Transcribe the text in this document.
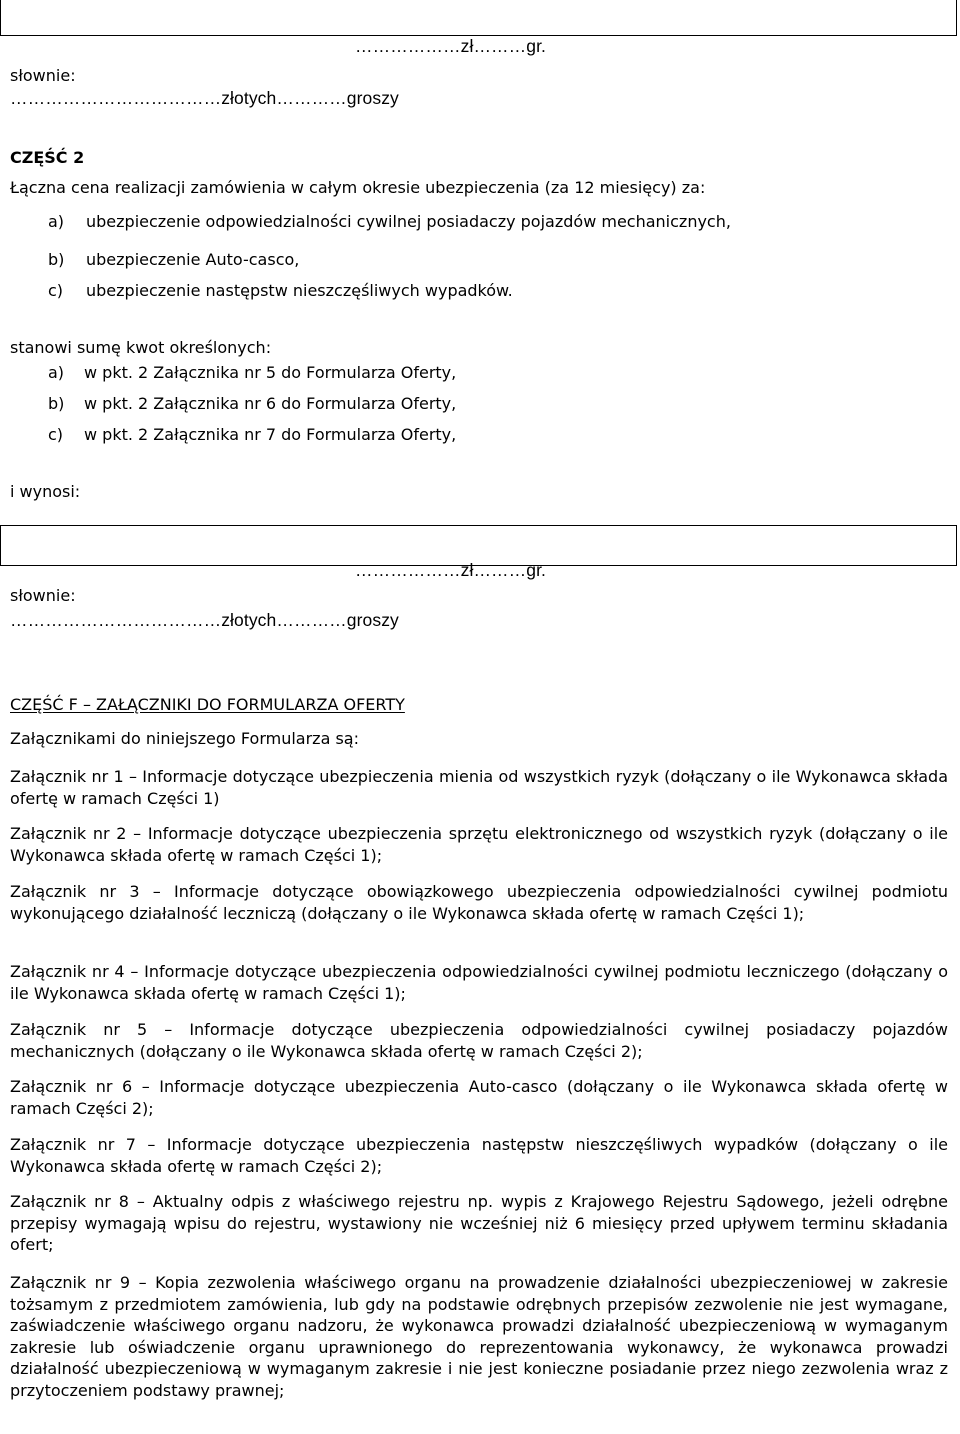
………………zł………gr.
słownie:
………………………………złotych…………groszy
CZĘŚĆ 2
Łączna cena realizacji zamówienia w całym okresie ubezpieczenia (za 12 miesięcy) za:
a) ubezpieczenie odpowiedzialności cywilnej posiadaczy pojazdów mechanicznych,
b) ubezpieczenie Auto-casco,
c) ubezpieczenie następstw nieszczęśliwych wypadków.
stanowi sumę kwot określonych:
a) w pkt. 2 Załącznika nr 5 do Formularza Oferty,
b) w pkt. 2 Załącznika nr 6 do Formularza Oferty,
c) w pkt. 2 Załącznika nr 7 do Formularza Oferty,
i wynosi:
………………zł………gr.
słownie:
………………………………złotych…………groszy
CZĘŚĆ F – ZAŁĄCZNIKI DO FORMULARZA OFERTY
Załącznikami do niniejszego Formularza są:
Załącznik nr 1 – Informacje dotyczące ubezpieczenia mienia od wszystkich ryzyk (dołączany o ile Wykonawca składa ofertę w ramach Części 1)
Załącznik nr 2 – Informacje dotyczące ubezpieczenia sprzętu elektronicznego od wszystkich ryzyk (dołączany o ile Wykonawca składa ofertę w ramach Części 1);
Załącznik nr 3 – Informacje dotyczące obowiązkowego ubezpieczenia odpowiedzialności cywilnej podmiotu wykonującego działalność leczniczą (dołączany o ile Wykonawca składa ofertę w ramach Części 1);
Załącznik nr 4 – Informacje dotyczące ubezpieczenia odpowiedzialności cywilnej podmiotu leczniczego (dołączany o ile Wykonawca składa ofertę w ramach Części 1);
Załącznik nr 5 – Informacje dotyczące ubezpieczenia odpowiedzialności cywilnej posiadaczy pojazdów mechanicznych (dołączany o ile Wykonawca składa ofertę w ramach Części 2);
Załącznik nr 6 – Informacje dotyczące ubezpieczenia Auto-casco (dołączany o ile Wykonawca składa ofertę w ramach Części 2);
Załącznik nr 7 – Informacje dotyczące ubezpieczenia następstw nieszczęśliwych wypadków (dołączany o ile Wykonawca składa ofertę w ramach Części 2);
Załącznik nr 8 – Aktualny odpis z właściwego rejestru np. wypis z Krajowego Rejestru Sądowego, jeżeli odrębne przepisy wymagają wpisu do rejestru, wystawiony nie wcześniej niż 6 miesięcy przed upływem terminu składania ofert;
Załącznik nr 9 – Kopia zezwolenia właściwego organu na prowadzenie działalności ubezpieczeniowej w zakresie tożsamym z przedmiotem zamówienia, lub gdy na podstawie odrębnych przepisów zezwolenie nie jest wymagane, zaświadczenie właściwego organu nadzoru, że wykonawca prowadzi działalność ubezpieczeniową w wymaganym zakresie lub oświadczenie organu uprawnionego do reprezentowania wykonawcy, że wykonawca prowadzi działalność ubezpieczeniową w wymaganym zakresie i nie jest konieczne posiadanie przez niego zezwolenia wraz z przytoczeniem podstawy prawnej;
